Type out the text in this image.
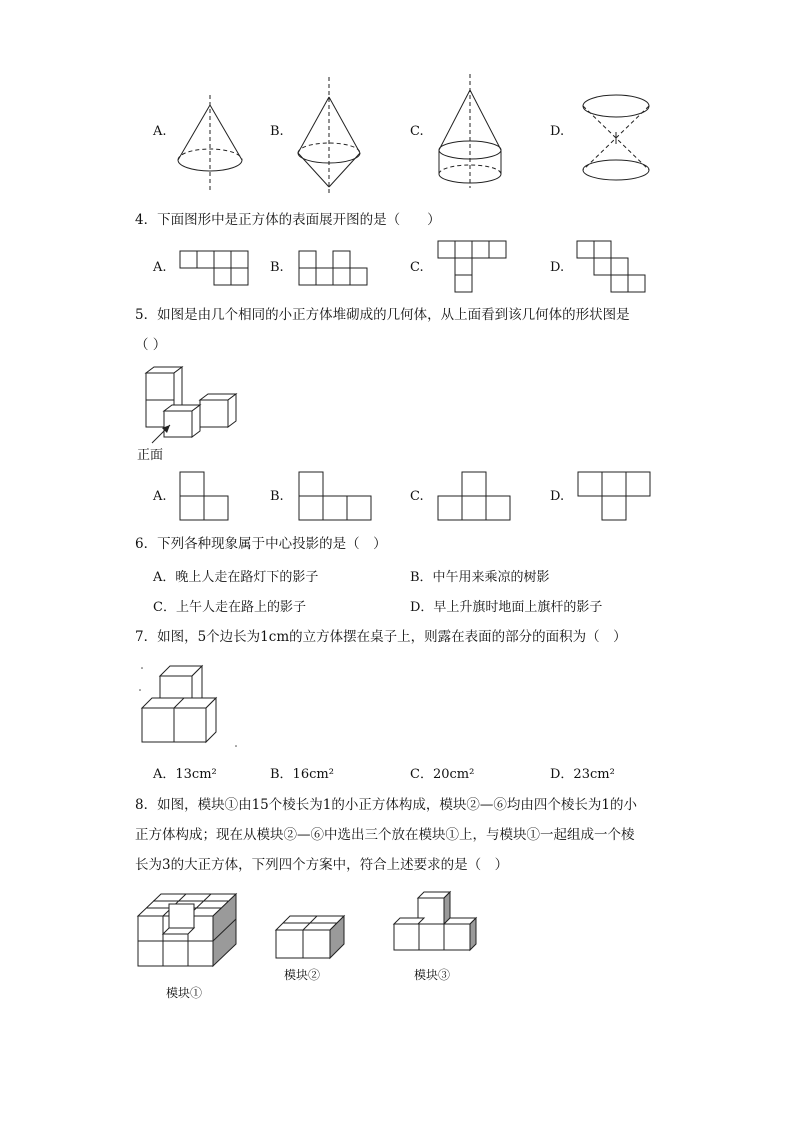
A.	B.	C.	D.
4．下面图形中是正方体的表面展开图的是（　　）
A.	B.	C.	D.
5．如图是由几个相同的小正方体堆砌成的几何体，从上面看到该几何体的形状图是
（ ）
正面
A.	B.	C.	D.
6．下列各种现象属于中心投影的是（　）
A．晚上人走在路灯下的影子	B．中午用来乘凉的树影
C．上午人走在路上的影子	D．早上升旗时地面上旗杆的影子
7．如图，5个边长为1cm的立方体摆在桌子上，则露在表面的部分的面积为（　）
A．13cm²	B．16cm²	C．20cm²	D．23cm²
8．如图，模块①由15个棱长为1的小正方体构成，模块②—⑥均由四个棱长为1的小
正方体构成；现在从模块②—⑥中选出三个放在模块①上，与模块①一起组成一个棱
长为3的大正方体，下列四个方案中，符合上述要求的是（　）
模块①
模块②	模块③
